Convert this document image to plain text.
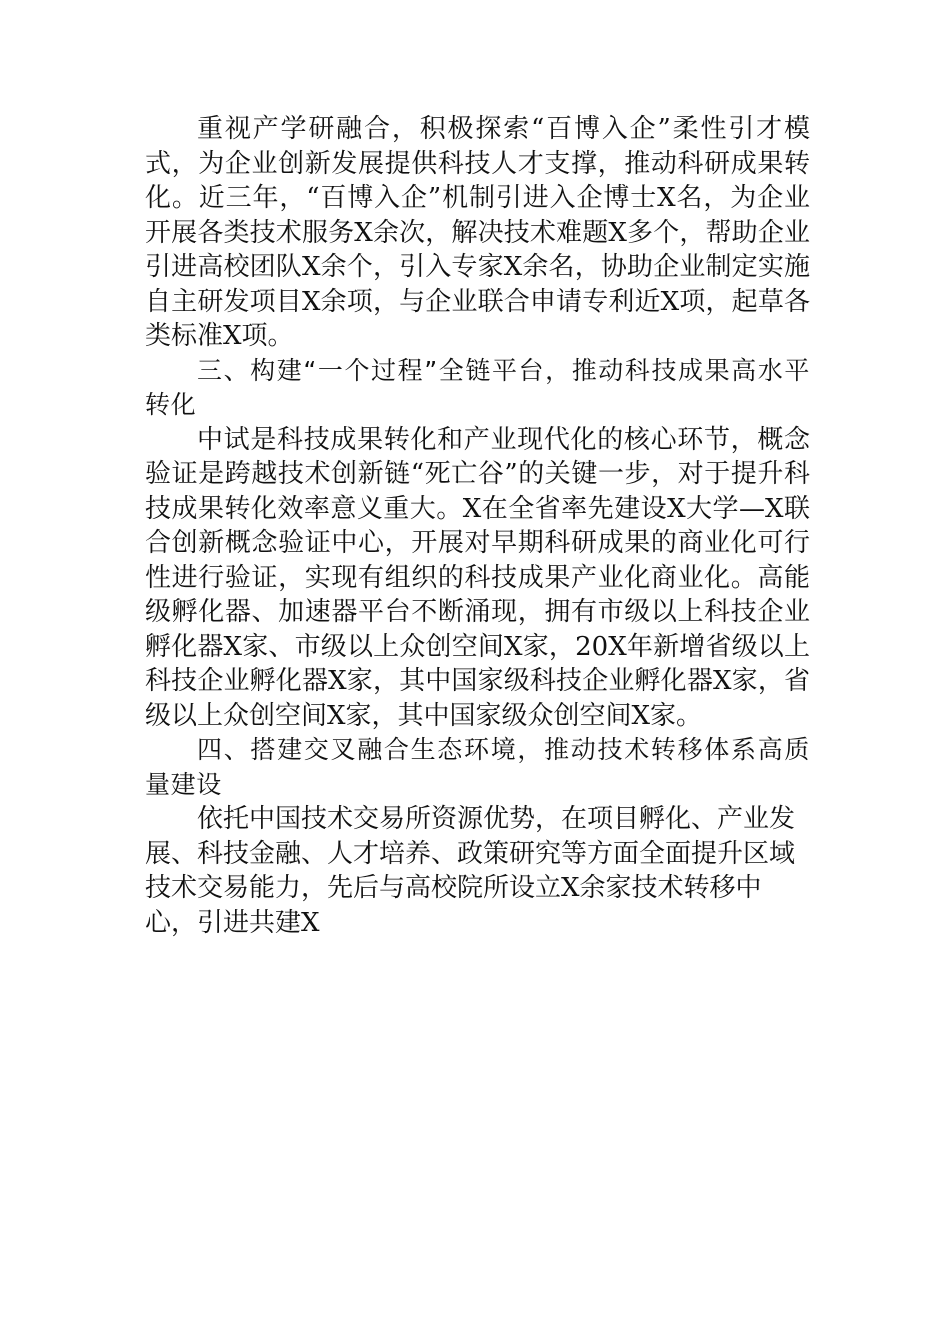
重视产学研融合，积极探索“百博入企”柔性引才模式，为企业创新发展提供科技人才支撑，推动科研成果转化。近三年，“百博入企”机制引进入企博士X名，为企业开展各类技术服务X余次，解决技术难题X多个，帮助企业引进高校团队X余个，引入专家X余名，协助企业制定实施自主研发项目X余项，与企业联合申请专利近X项，起草各类标准X项。

三、构建“一个过程”全链平台，推动科技成果高水平转化

中试是科技成果转化和产业现代化的核心环节，概念验证是跨越技术创新链“死亡谷”的关键一步，对于提升科技成果转化效率意义重大。X在全省率先建设X大学—X联合创新概念验证中心，开展对早期科研成果的商业化可行性进行验证，实现有组织的科技成果产业化商业化。高能级孵化器、加速器平台不断涌现，拥有市级以上科技企业孵化器X家、市级以上众创空间X家，20X年新增省级以上科技企业孵化器X家，其中国家级科技企业孵化器X家，省级以上众创空间X家，其中国家级众创空间X家。

四、搭建交叉融合生态环境，推动技术转移体系高质量建设

依托中国技术交易所资源优势，在项目孵化、产业发展、科技金融、人才培养、政策研究等方面全面提升区域技术交易能力，先后与高校院所设立X余家技术转移中心，引进共建X
